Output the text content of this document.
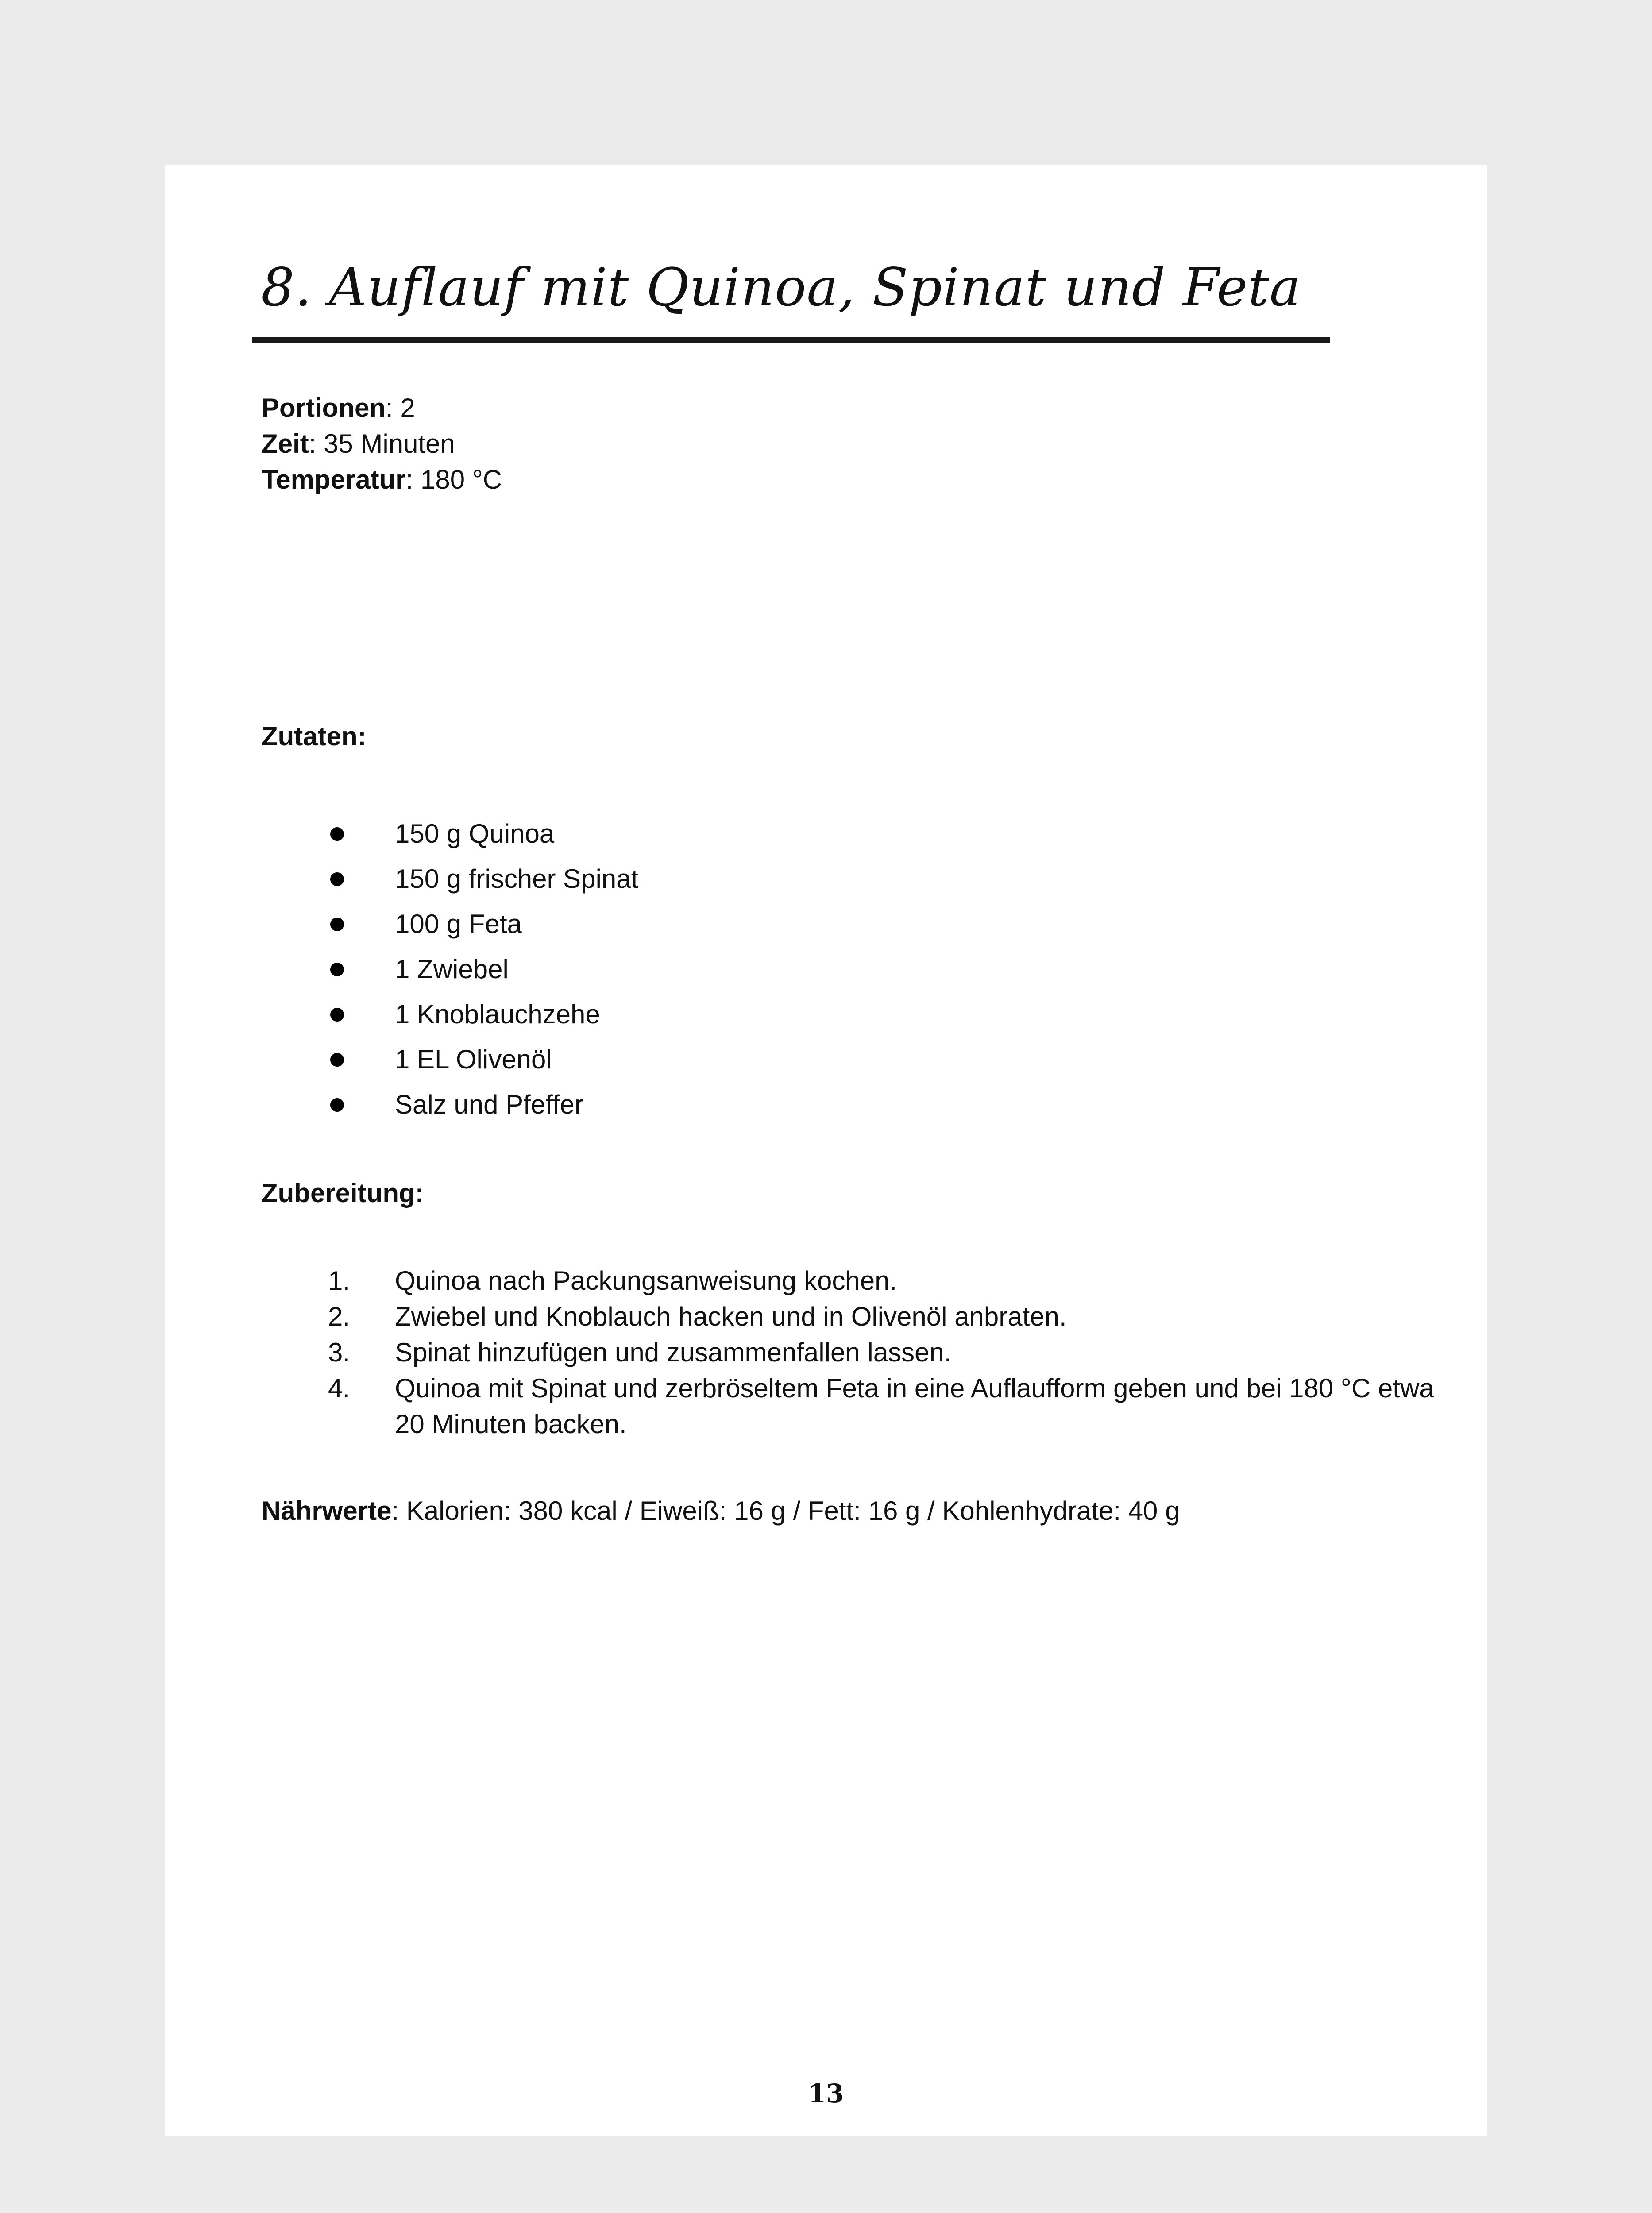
8. Auflauf mit Quinoa, Spinat und Feta
Portionen: 2
Zeit: 35 Minuten
Temperatur: 180 °C
Zutaten:
150 g Quinoa
150 g frischer Spinat
100 g Feta
1 Zwiebel
1 Knoblauchzehe
1 EL Olivenöl
Salz und Pfeffer
Zubereitung:
1. Quinoa nach Packungsanweisung kochen.
2. Zwiebel und Knoblauch hacken und in Olivenöl anbraten.
3. Spinat hinzufügen und zusammenfallen lassen.
4. Quinoa mit Spinat und zerbröseltem Feta in eine Auflaufform geben und bei 180 °C etwa 20 Minuten backen.
Nährwerte: Kalorien: 380 kcal / Eiweiß: 16 g / Fett: 16 g / Kohlenhydrate: 40 g
13
